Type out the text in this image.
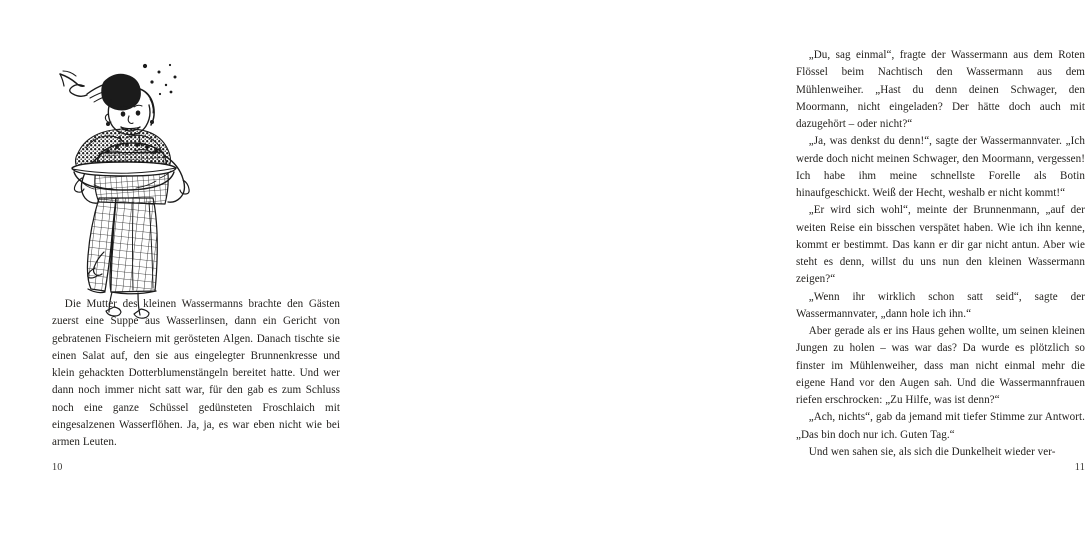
Die Mutter des kleinen Wassermanns brachte den Gästen zuerst eine Suppe aus Wasserlinsen, dann ein Gericht von gebratenen Fischeiern mit gerösteten Algen. Danach tischte sie einen Salat auf, den sie aus eingelegter Brunnenkresse und klein gehackten Dotterblumenstängeln bereitet hatte. Und wer dann noch immer nicht satt war, für den gab es zum Schluss noch eine ganze Schüssel gedünsteten Froschlaich mit eingesalzenen Wasserflöhen. Ja, ja, es war eben nicht wie bei armen Leuten.

10

„Du, sag einmal“, fragte der Wassermann aus dem Roten Flössel beim Nachtisch den Wassermann aus dem Mühlenweiher. „Hast du denn deinen Schwager, den Moormann, nicht eingeladen? Der hätte doch auch mit dazugehört – oder nicht?“

„Ja, was denkst du denn!“, sagte der Wassermannvater. „Ich werde doch nicht meinen Schwager, den Moormann, vergessen! Ich habe ihm meine schnellste Forelle als Botin hinaufgeschickt. Weiß der Hecht, weshalb er nicht kommt!“

„Er wird sich wohl“, meinte der Brunnenmann, „auf der weiten Reise ein bisschen verspätet haben. Wie ich ihn kenne, kommt er bestimmt. Das kann er dir gar nicht antun. Aber wie steht es denn, willst du uns nun den kleinen Wassermann zeigen?“

„Wenn ihr wirklich schon satt seid“, sagte der Wassermannvater, „dann hole ich ihn.“

Aber gerade als er ins Haus gehen wollte, um seinen kleinen Jungen zu holen – was war das? Da wurde es plötzlich so finster im Mühlenweiher, dass man nicht einmal mehr die eigene Hand vor den Augen sah. Und die Wassermannfrauen riefen erschrocken: „Zu Hilfe, was ist denn?“

„Ach, nichts“, gab da jemand mit tiefer Stimme zur Antwort. „Das bin doch nur ich. Guten Tag.“

Und wen sahen sie, als sich die Dunkelheit wieder ver-

11
